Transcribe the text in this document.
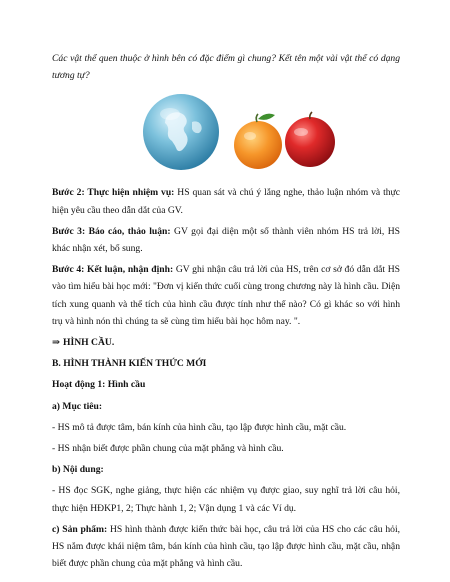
Các vật thể quen thuộc ở hình bên có đặc điểm gì chung? Kết tên một vài vật thể có dạng tương tự?

Bước 2: Thực hiện nhiệm vụ: HS quan sát và chú ý lắng nghe, thảo luận nhóm và thực hiện yêu cầu theo dẫn dắt của GV.

Bước 3: Báo cáo, thảo luận: GV gọi đại diện một số thành viên nhóm HS trả lời, HS khác nhận xét, bổ sung.

Bước 4: Kết luận, nhận định: GV ghi nhận câu trả lời của HS, trên cơ sở đó dẫn dắt HS vào tìm hiểu bài học mới: "Đơn vị kiến thức cuối cùng trong chương này là hình cầu. Diện tích xung quanh và thể tích của hình cầu được tính như thế nào? Có gì khác so với hình trụ và hình nón thì chúng ta sẽ cùng tìm hiểu bài học hôm nay. ".

⇒ HÌNH CẦU.

B. HÌNH THÀNH KIẾN THỨC MỚI

Hoạt động 1: Hình cầu

a) Mục tiêu:

- HS mô tả được tâm, bán kính của hình cầu, tạo lập được hình cầu, mặt cầu.

- HS nhận biết được phần chung của mặt phẳng và hình cầu.

b) Nội dung:

- HS đọc SGK, nghe giảng, thực hiện các nhiệm vụ được giao, suy nghĩ trả lời câu hỏi, thực hiện HĐKP1, 2; Thực hành 1, 2; Vận dụng 1 và các Ví dụ.

c) Sản phẩm: HS hình thành được kiến thức bài học, câu trả lời của HS cho các câu hỏi, HS nắm được khái niệm tâm, bán kính của hình cầu, tạo lập được hình cầu, mặt cầu, nhận biết được phần chung của mặt phẳng và hình cầu.
